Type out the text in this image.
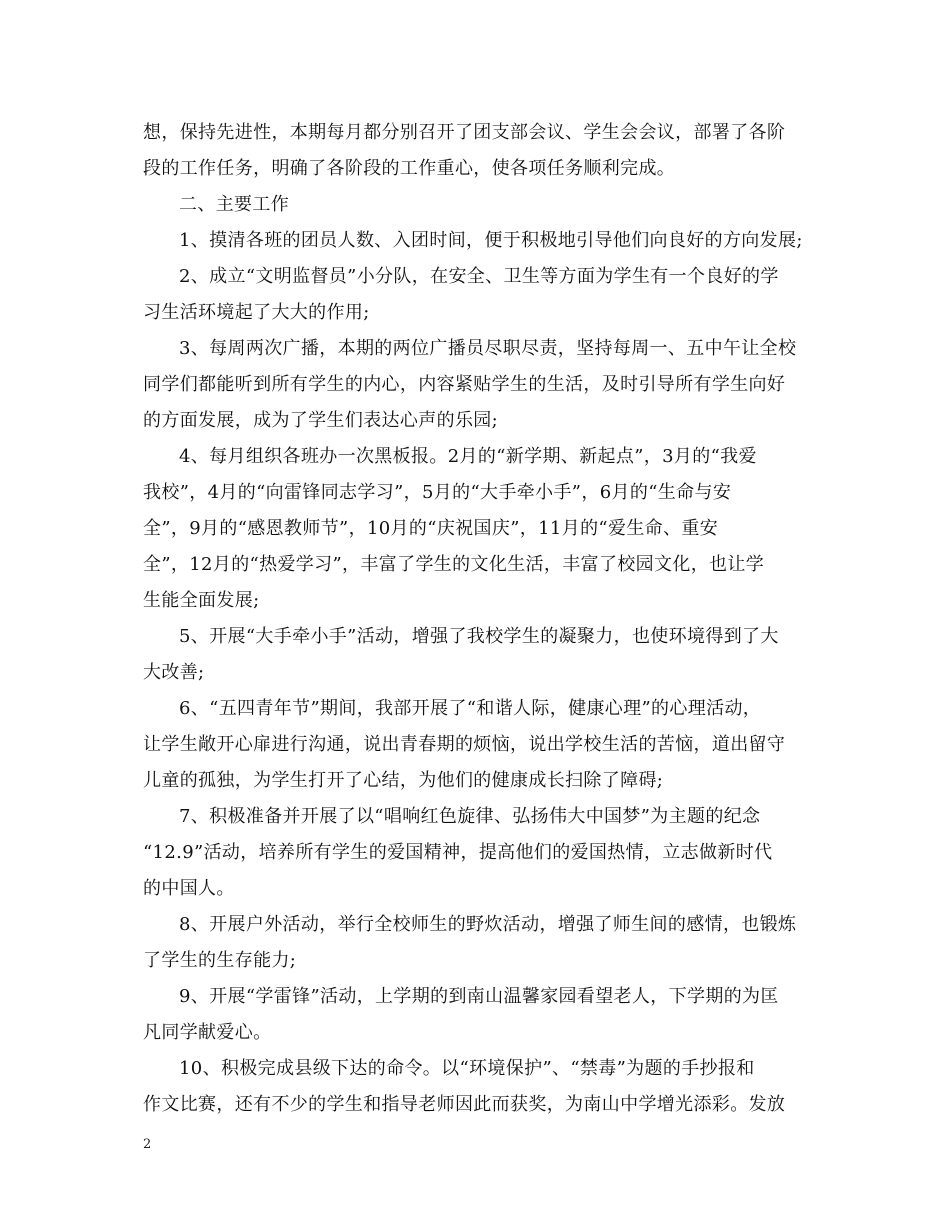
想，保持先进性，本期每月都分别召开了团支部会议、学生会会议，部署了各阶
段的工作任务，明确了各阶段的工作重心，使各项任务顺利完成。
二、主要工作
1、摸清各班的团员人数、入团时间，便于积极地引导他们向良好的方向发展;
2、成立“文明监督员”小分队，在安全、卫生等方面为学生有一个良好的学
习生活环境起了大大的作用;
3、每周两次广播，本期的两位广播员尽职尽责，坚持每周一、五中午让全校
同学们都能听到所有学生的内心，内容紧贴学生的生活，及时引导所有学生向好
的方面发展，成为了学生们表达心声的乐园;
4、每月组织各班办一次黑板报。2月的“新学期、新起点”，3月的“我爱
我校”，4月的“向雷锋同志学习”，5月的“大手牵小手”，6月的“生命与安
全”，9月的“感恩教师节”，10月的“庆祝国庆”，11月的“爱生命、重安
全”，12月的“热爱学习”，丰富了学生的文化生活，丰富了校园文化，也让学
生能全面发展;
5、开展“大手牵小手”活动，增强了我校学生的凝聚力，也使环境得到了大
大改善;
6、“五四青年节”期间，我部开展了“和谐人际，健康心理”的心理活动，
让学生敞开心扉进行沟通，说出青春期的烦恼，说出学校生活的苦恼，道出留守
儿童的孤独，为学生打开了心结，为他们的健康成长扫除了障碍;
7、积极准备并开展了以“唱响红色旋律、弘扬伟大中国梦”为主题的纪念
“12.9”活动，培养所有学生的爱国精神，提高他们的爱国热情，立志做新时代
的中国人。
8、开展户外活动，举行全校师生的野炊活动，增强了师生间的感情，也锻炼
了学生的生存能力;
9、开展“学雷锋”活动，上学期的到南山温馨家园看望老人，下学期的为匡
凡同学献爱心。
10、积极完成县级下达的命令。以“环境保护”、“禁毒”为题的手抄报和
作文比赛，还有不少的学生和指导老师因此而获奖，为南山中学增光添彩。发放
2
